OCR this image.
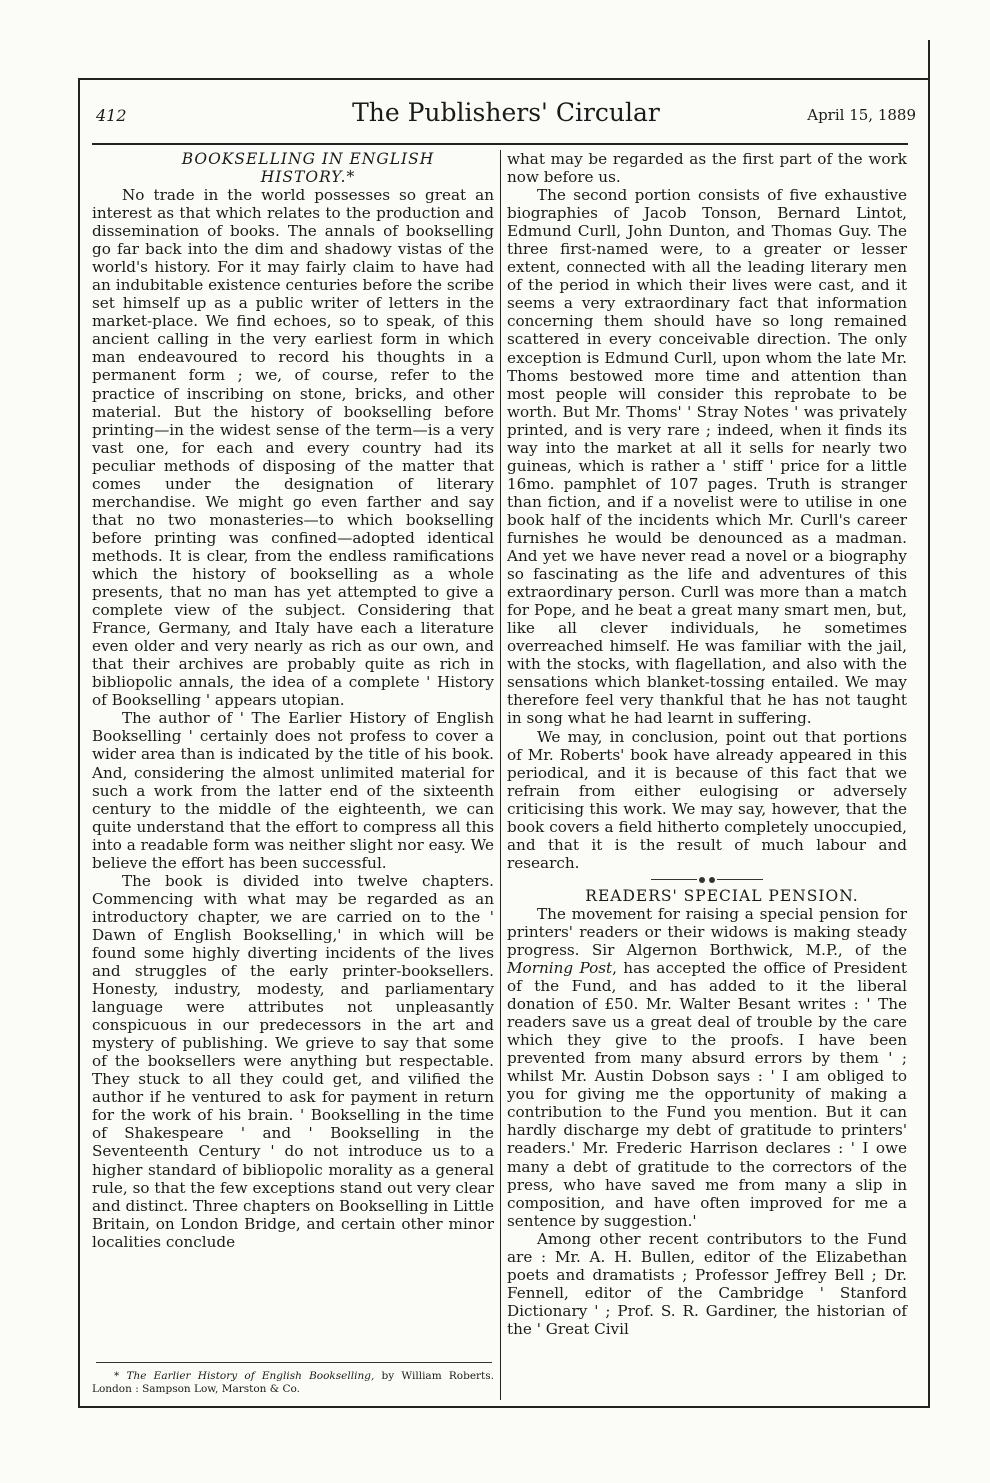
412	The Publishers' Circular	April 15, 1889

BOOKSELLING IN ENGLISH

HISTORY.*

No trade in the world possesses so great an interest as that which relates to the production and dissemination of books. The annals of bookselling go far back into the dim and shadowy vistas of the world's history. For it may fairly claim to have had an indubitable existence centuries before the scribe set himself up as a public writer of letters in the market-place. We find echoes, so to speak, of this ancient calling in the very earliest form in which man endeavoured to record his thoughts in a permanent form ; we, of course, refer to the practice of inscribing on stone, bricks, and other material. But the history of bookselling before printing—in the widest sense of the term—is a very vast one, for each and every country had its peculiar methods of disposing of the matter that comes under the designation of literary merchandise. We might go even farther and say that no two monasteries—to which bookselling before printing was confined—adopted identical methods. It is clear, from the endless ramifications which the history of bookselling as a whole presents, that no man has yet attempted to give a complete view of the subject. Considering that France, Germany, and Italy have each a literature even older and very nearly as rich as our own, and that their archives are probably quite as rich in bibliopolic annals, the idea of a complete ' History of Bookselling ' appears utopian.

The author of ' The Earlier History of English Bookselling ' certainly does not profess to cover a wider area than is indicated by the title of his book. And, considering the almost unlimited material for such a work from the latter end of the sixteenth century to the middle of the eighteenth, we can quite understand that the effort to compress all this into a readable form was neither slight nor easy. We believe the effort has been successful.

The book is divided into twelve chapters. Commencing with what may be regarded as an introductory chapter, we are carried on to the ' Dawn of English Bookselling,' in which will be found some highly diverting incidents of the lives and struggles of the early printer-booksellers. Honesty, industry, modesty, and parliamentary language were attributes not unpleasantly conspicuous in our predecessors in the art and mystery of publishing. We grieve to say that some of the booksellers were anything but respectable. They stuck to all they could get, and vilified the author if he ventured to ask for payment in return for the work of his brain. ' Bookselling in the time of Shakespeare ' and ' Bookselling in the Seventeenth Century ' do not introduce us to a higher standard of bibliopolic morality as a general rule, so that the few exceptions stand out very clear and distinct. Three chapters on Bookselling in Little Britain, on London Bridge, and certain other minor localities conclude

* The Earlier History of English Bookselling, by William Roberts. London : Sampson Low, Marston & Co.

what may be regarded as the first part of the work now before us.

The second portion consists of five exhaustive biographies of Jacob Tonson, Bernard Lintot, Edmund Curll, John Dunton, and Thomas Guy. The three first-named were, to a greater or lesser extent, connected with all the leading literary men of the period in which their lives were cast, and it seems a very extraordinary fact that information concerning them should have so long remained scattered in every conceivable direction. The only exception is Edmund Curll, upon whom the late Mr. Thoms bestowed more time and attention than most people will consider this reprobate to be worth. But Mr. Thoms' ' Stray Notes ' was privately printed, and is very rare ; indeed, when it finds its way into the market at all it sells for nearly two guineas, which is rather a ' stiff ' price for a little 16mo. pamphlet of 107 pages. Truth is stranger than fiction, and if a novelist were to utilise in one book half of the incidents which Mr. Curll's career furnishes he would be denounced as a madman. And yet we have never read a novel or a biography so fascinating as the life and adventures of this extraordinary person. Curll was more than a match for Pope, and he beat a great many smart men, but, like all clever individuals, he sometimes overreached himself. He was familiar with the jail, with the stocks, with flagellation, and also with the sensations which blanket-tossing entailed. We may therefore feel very thankful that he has not taught in song what he had learnt in suffering.

We may, in conclusion, point out that portions of Mr. Roberts' book have already appeared in this periodical, and it is because of this fact that we refrain from either eulogising or adversely criticising this work. We may say, however, that the book covers a field hitherto completely unoccupied, and that it is the result of much labour and research.

READERS' SPECIAL PENSION.

The movement for raising a special pension for printers' readers or their widows is making steady progress. Sir Algernon Borthwick, M.P., of the Morning Post, has accepted the office of President of the Fund, and has added to it the liberal donation of £50. Mr. Walter Besant writes : ' The readers save us a great deal of trouble by the care which they give to the proofs. I have been prevented from many absurd errors by them ' ; whilst Mr. Austin Dobson says : ' I am obliged to you for giving me the opportunity of making a contribution to the Fund you mention. But it can hardly discharge my debt of gratitude to printers' readers.' Mr. Frederic Harrison declares : ' I owe many a debt of gratitude to the correctors of the press, who have saved me from many a slip in composition, and have often improved for me a sentence by suggestion.'

Among other recent contributors to the Fund are : Mr. A. H. Bullen, editor of the Elizabethan poets and dramatists ; Professor Jeffrey Bell ; Dr. Fennell, editor of the Cambridge ' Stanford Dictionary ' ; Prof. S. R. Gardiner, the historian of the ' Great Civil
